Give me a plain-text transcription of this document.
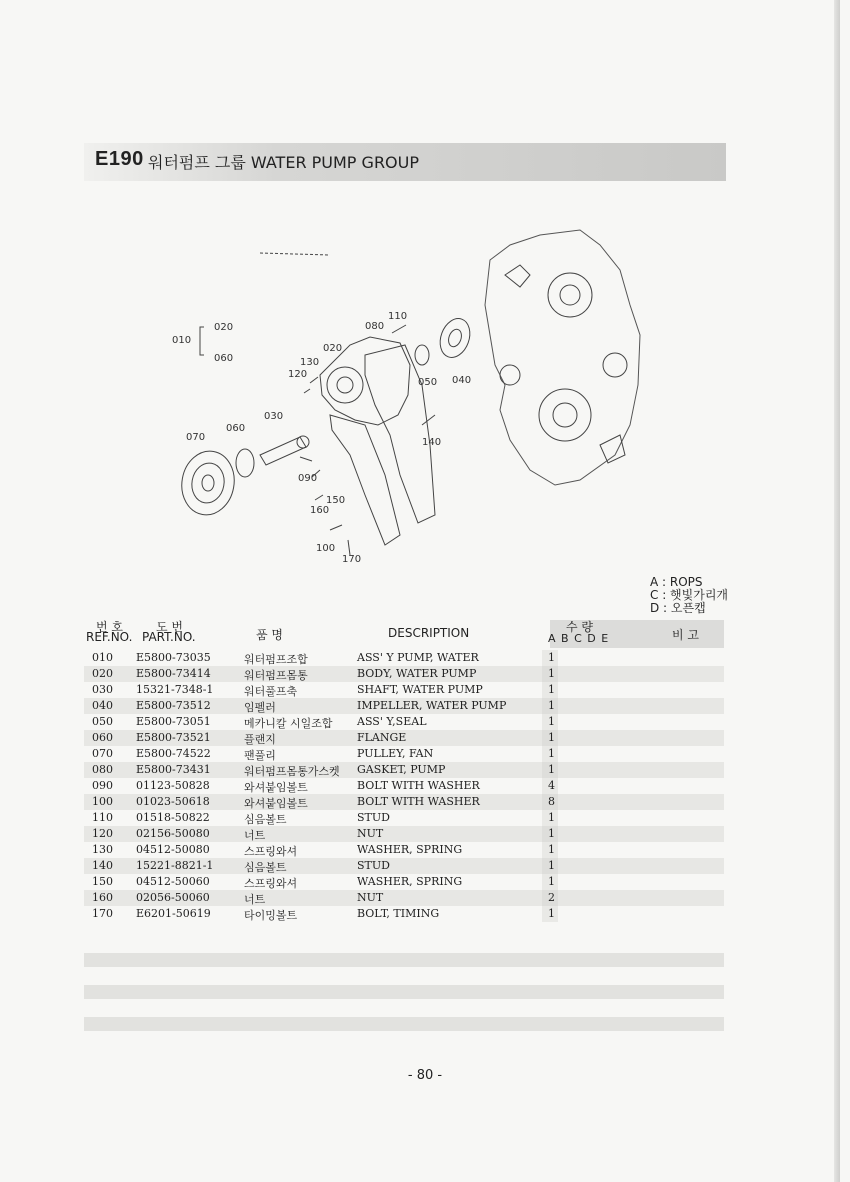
E190 워터펌프 그룹 WATER PUMP GROUP
010
020
060
110
080
020
130
120
050 040
030
060
070	140
090
150
160
100
170
A : ROPS
C : 햇빛가리개
D : 오픈캡
번 호
REF.NO.
도 번
PART.NO.	품 명	DESCRIPTION	수 량
A B C D E	비 고
010 E5800-73035	워터펌프조합	ASS' Y PUMP, WATER	1
020 E5800-73414	워터펌프몸통	BODY, WATER PUMP	1
030 15321-7348-1	워터풀프축	SHAFT, WATER PUMP	1
040 E5800-73512	임펠러	IMPELLER, WATER PUMP	1
050 E5800-73051	메카니칼 시일조합 ASS' Y,SEAL	1
060 E5800-73521	플랜지	FLANGE	1
070 E5800-74522	팬풀리	PULLEY, FAN	1
080 E5800-73431	워터펌프몸통가스켓 GASKET, PUMP	1
090 01123-50828	와셔붙임볼트	BOLT WITH WASHER	4
100 01023-50618	와셔붙임볼트	BOLT WITH WASHER	8
110 01518-50822	심음볼트	STUD	1
120 02156-50080	너트	NUT	1
130 04512-50080	스프링와셔	WASHER, SPRING	1
140 15221-8821-1	심음볼트	STUD	1
150 04512-50060	스프링와셔	WASHER, SPRING	1
160 02056-50060	너트	NUT	2
170 E6201-50619	타이밍볼트	BOLT, TIMING	1
- 80 -
